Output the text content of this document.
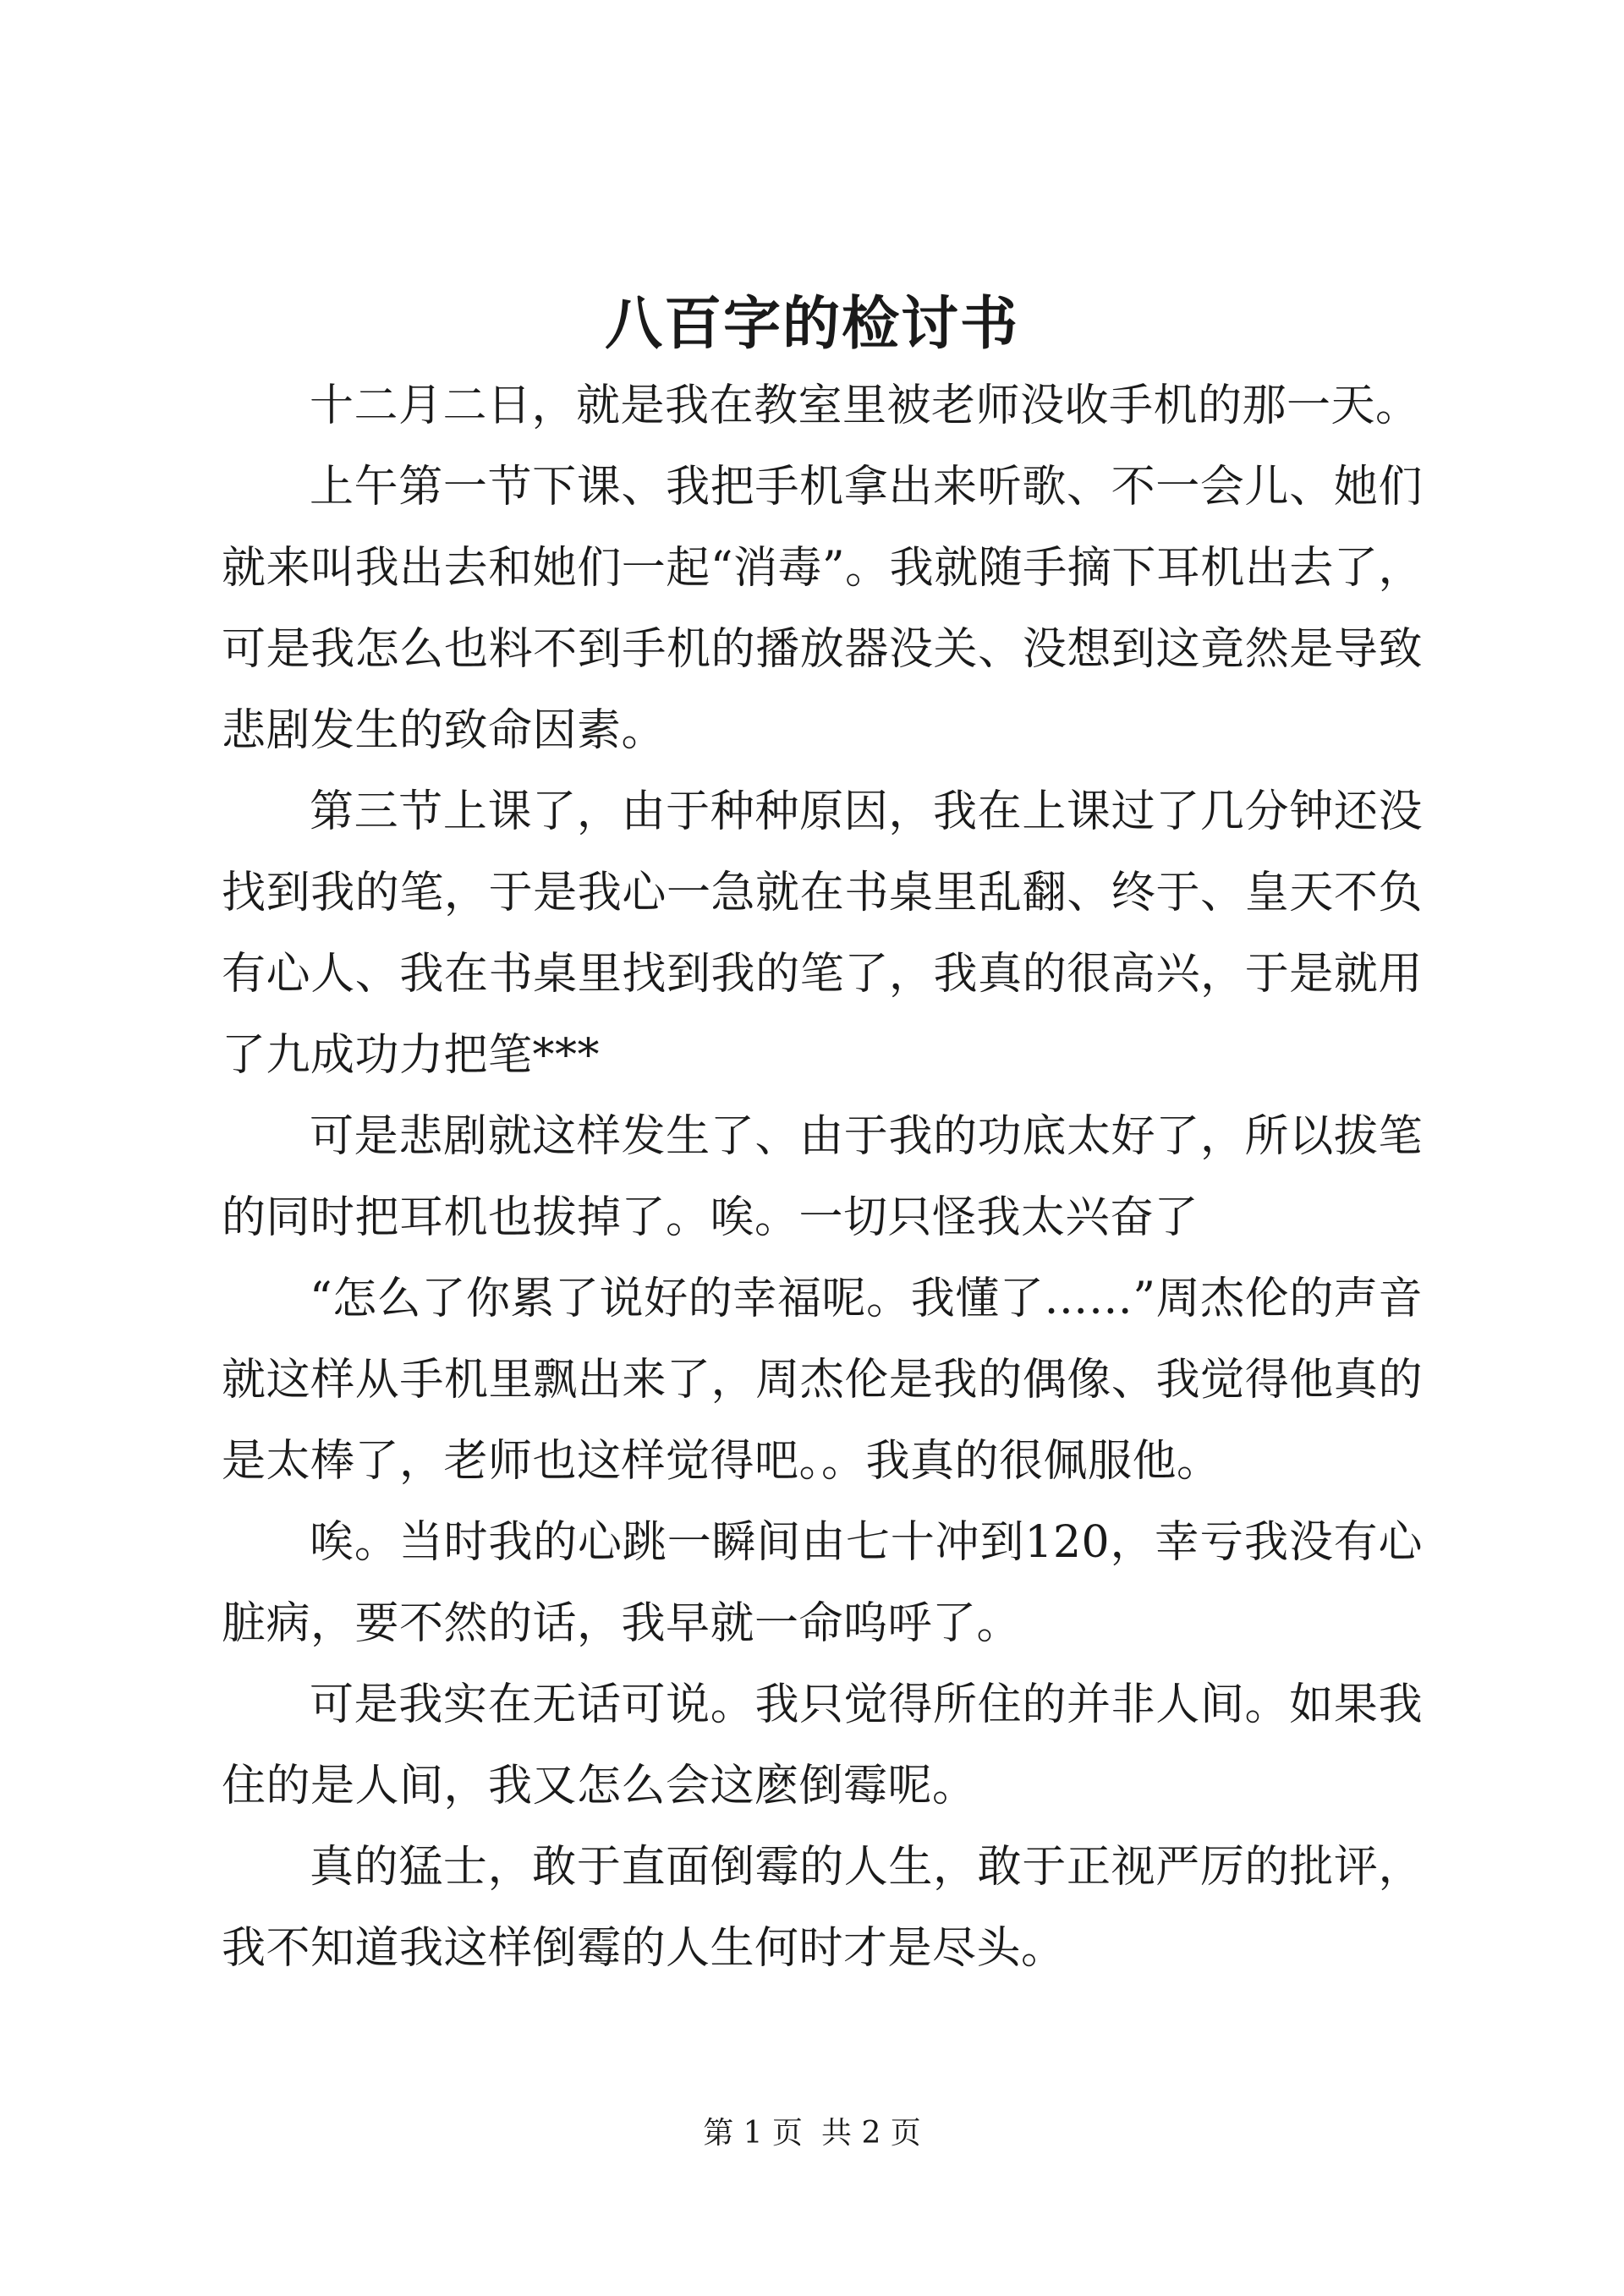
八百字的检讨书

十二月二日，就是我在教室里被老师没收手机的那一天。

上午第一节下课、我把手机拿出来听歌、不一会儿、她们就来叫我出去和她们一起“消毒”。我就随手摘下耳机出去了，可是我怎么也料不到手机的播放器没关、没想到这竟然是导致悲剧发生的致命因素。

第三节上课了，由于种种原因，我在上课过了几分钟还没找到我的笔，于是我心一急就在书桌里乱翻、终于、皇天不负有心人、我在书桌里找到我的笔了，我真的很高兴，于是就用了九成功力把笔***

可是悲剧就这样发生了、由于我的功底太好了，所以拔笔的同时把耳机也拔掉了。唉。一切只怪我太兴奋了

“怎么了你累了说好的幸福呢。我懂了……”周杰伦的声音就这样从手机里飘出来了，周杰伦是我的偶像、我觉得他真的是太棒了，老师也这样觉得吧。。我真的很佩服他。

唉。当时我的心跳一瞬间由七十冲到120，幸亏我没有心脏病，要不然的话，我早就一命呜呼了。

可是我实在无话可说。我只觉得所住的并非人间。如果我住的是人间，我又怎么会这麽倒霉呢。

真的猛士，敢于直面倒霉的人生，敢于正视严厉的批评，我不知道我这样倒霉的人生何时才是尽头。

第 1 页 共 2 页
